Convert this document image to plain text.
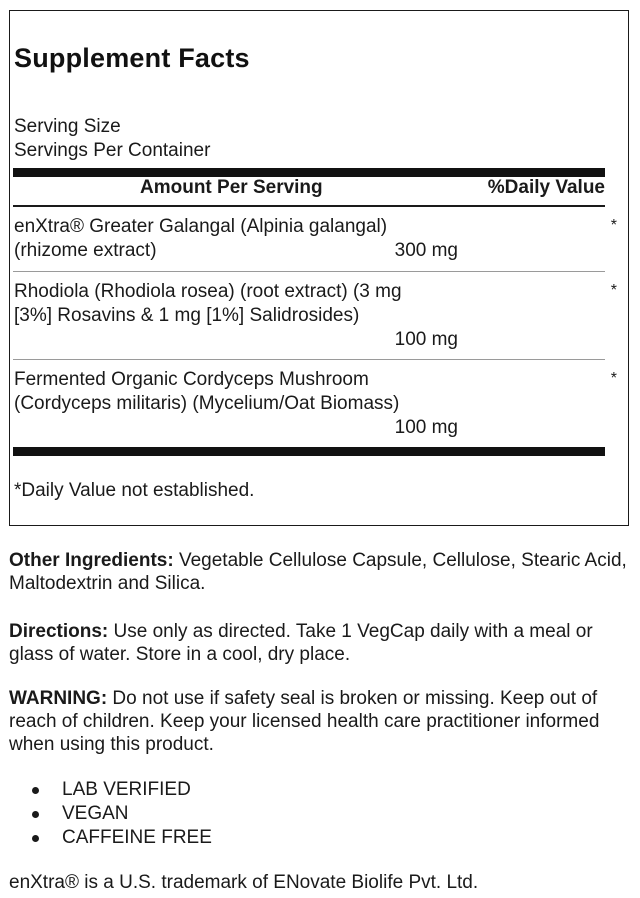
Supplement Facts
Serving Size
Servings Per Container
Amount Per Serving	%Daily Value
enXtra® Greater Galangal (Alpinia galangal)
(rhizome extract)	300 mg
*
Rhodiola (Rhodiola rosea) (root extract) (3 mg
[3%] Rosavins & 1 mg [1%] Salidrosides)
100 mg
*
Fermented Organic Cordyceps Mushroom
(Cordyceps militaris) (Mycelium/Oat Biomass)
100 mg
*
*Daily Value not established.
Other Ingredients: Vegetable Cellulose Capsule, Cellulose, Stearic Acid, Maltodextrin and Silica.
Directions: Use only as directed. Take 1 VegCap daily with a meal or glass of water. Store in a cool, dry place.
WARNING: Do not use if safety seal is broken or missing. Keep out of reach of children. Keep your licensed health care practitioner informed when using this product.
LAB VERIFIED
VEGAN
CAFFEINE FREE
enXtra® is a U.S. trademark of ENovate Biolife Pvt. Ltd.
